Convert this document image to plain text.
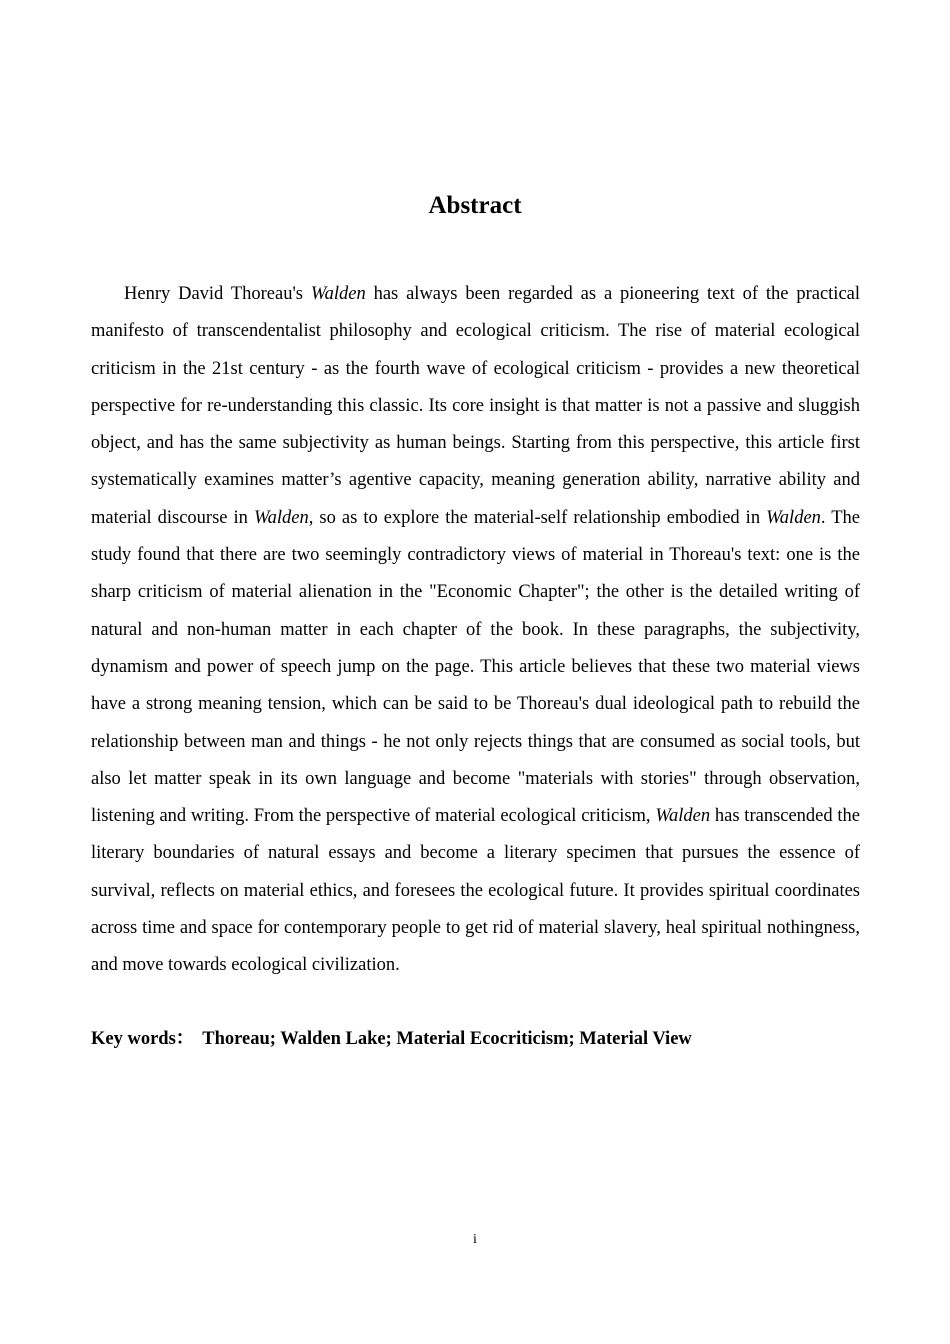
Abstract

Henry David Thoreau's Walden has always been regarded as a pioneering text of the practical manifesto of transcendentalist philosophy and ecological criticism. The rise of material ecological criticism in the 21st century - as the fourth wave of ecological criticism - provides a new theoretical perspective for re-understanding this classic. Its core insight is that matter is not a passive and sluggish object, and has the same subjectivity as human beings. Starting from this perspective, this article first systematically examines matter’s agentive capacity, meaning generation ability, narrative ability and material discourse in Walden, so as to explore the material-self relationship embodied in Walden. The study found that there are two seemingly contradictory views of material in Thoreau's text: one is the sharp criticism of material alienation in the "Economic Chapter"; the other is the detailed writing of natural and non-human matter in each chapter of the book. In these paragraphs, the subjectivity, dynamism and power of speech jump on the page. This article believes that these two material views have a strong meaning tension, which can be said to be Thoreau's dual ideological path to rebuild the relationship between man and things - he not only rejects things that are consumed as social tools, but also let matter speak in its own language and become "materials with stories" through observation, listening and writing. From the perspective of material ecological criticism, Walden has transcended the literary boundaries of natural essays and become a literary specimen that pursues the essence of survival, reflects on material ethics, and foresees the ecological future. It provides spiritual coordinates across time and space for contemporary people to get rid of material slavery, heal spiritual nothingness, and move towards ecological civilization.

Key words： Thoreau; Walden Lake; Material Ecocriticism; Material View
i
